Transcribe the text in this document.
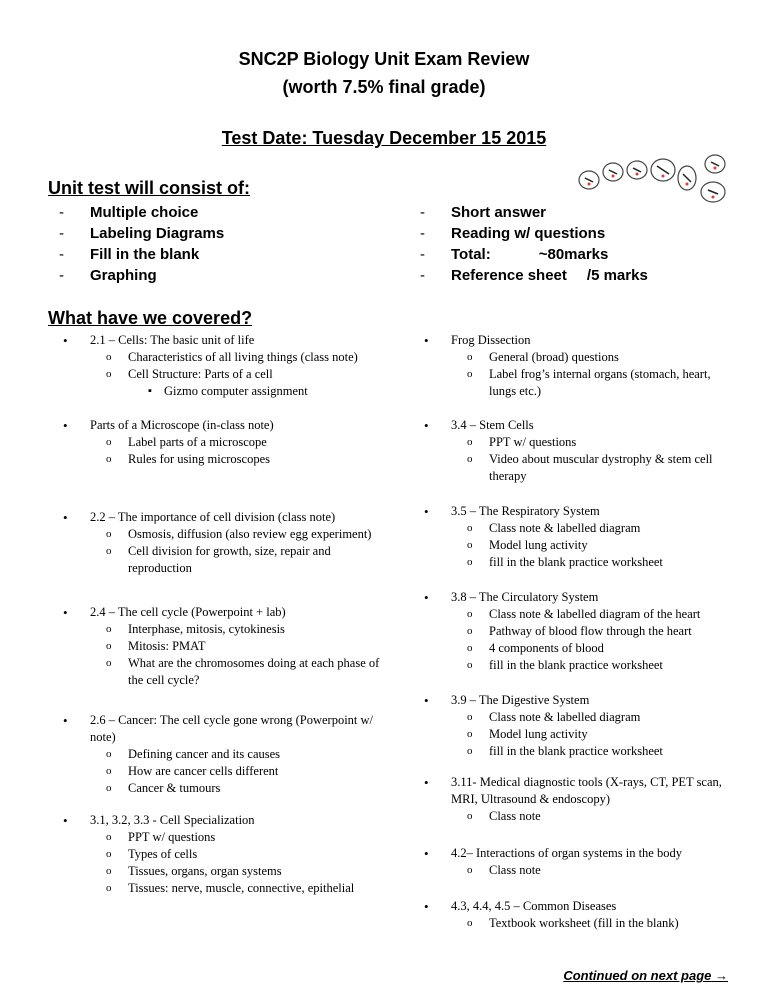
SNC2P Biology Unit Exam Review
(worth 7.5% final grade)
Test Date: Tuesday December 15 2015
Unit test will consist of:
- Multiple choice
- Labeling Diagrams
- Fill in the blank
- Graphing
- Short answer
- Reading w/ questions
- Total:	~80marks
- Reference sheet /5 marks
What have we covered?
• 2.1 – Cells: The basic unit of life
o Characteristics of all living things (class note)
o Cell Structure: Parts of a cell
▪ Gizmo computer assignment
• Parts of a Microscope (in-class note)
o Label parts of a microscope
o Rules for using microscopes
• 2.2 – The importance of cell division (class note)
o Osmosis, diffusion (also review egg experiment)
o Cell division for growth, size, repair and reproduction
• 2.4 – The cell cycle (Powerpoint + lab)
o Interphase, mitosis, cytokinesis
o Mitosis: PMAT
o What are the chromosomes doing at each phase of the cell cycle?
• 2.6 – Cancer: The cell cycle gone wrong (Powerpoint w/ note)
o Defining cancer and its causes
o How are cancer cells different
o Cancer & tumours
• 3.1, 3.2, 3.3 - Cell Specialization
o PPT w/ questions
o Types of cells
o Tissues, organs, organ systems
o Tissues: nerve, muscle, connective, epithelial
• Frog Dissection
o General (broad) questions
o Label frog’s internal organs (stomach, heart, lungs etc.)
• 3.4 – Stem Cells
o PPT w/ questions
o Video about muscular dystrophy & stem cell therapy
• 3.5 – The Respiratory System
o Class note & labelled diagram
o Model lung activity
o fill in the blank practice worksheet
• 3.8 – The Circulatory System
o Class note & labelled diagram of the heart
o Pathway of blood flow through the heart
o 4 components of blood
o fill in the blank practice worksheet
• 3.9 – The Digestive System
o Class note & labelled diagram
o Model lung activity
o fill in the blank practice worksheet
• 3.11- Medical diagnostic tools (X-rays, CT, PET scan, MRI, Ultrasound & endoscopy)
o Class note
• 4.2– Interactions of organ systems in the body
o Class note
• 4.3, 4.4, 4.5 – Common Diseases
o Textbook worksheet (fill in the blank)
Continued on next page →
